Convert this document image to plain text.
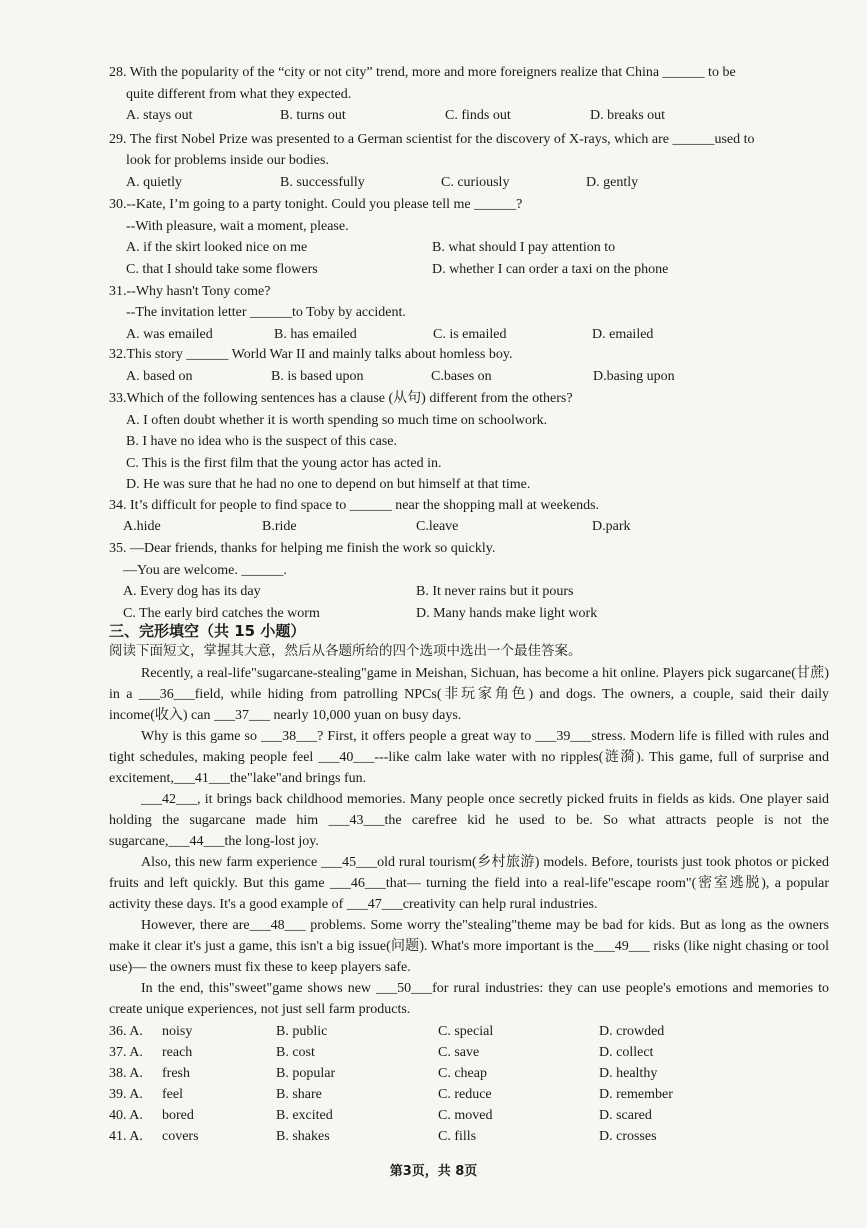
28. With the popularity of the “city or not city” trend, more and more foreigners realize that China ______ to be
quite different from what they expected.
A. stays out	B. turns out	C. finds out	D. breaks out
29. The first Nobel Prize was presented to a German scientist for the discovery of X-rays, which are ______used to
look for problems inside our bodies.
A. quietly	B. successfully	C. curiously	D. gently
30.--Kate, I’m going to a party tonight. Could you please tell me ______?
--With pleasure, wait a moment, please.
A. if the skirt looked nice on me	B. what should I pay attention to
C. that I should take some flowers	D. whether I can order a taxi on the phone
31.--Why hasn't Tony come?
--The invitation letter ______to Toby by accident.
A. was emailed	B. has emailed	C. is emailed	D. emailed
32.This story ______ World War II and mainly talks about homless boy.
A. based on	B. is based upon	C.bases on	D.basing upon
33.Which of the following sentences has a clause (从句) different from the others?
A. I often doubt whether it is worth spending so much time on schoolwork.
B. I have no idea who is the suspect of this case.
C. This is the first film that the young actor has acted in.
D. He was sure that he had no one to depend on but himself at that time.
34. It’s difficult for people to find space to ______ near the shopping mall at weekends.
A.hide	B.ride	C.leave	D.park
35. —Dear friends, thanks for helping me finish the work so quickly.
—You are welcome. ______.
A. Every dog has its day	B. It never rains but it pours
C. The early bird catches the worm	D. Many hands make light work
三、完形填空（共 15 小题）
阅读下面短文，掌握其大意，然后从各题所给的四个选项中选出一个最佳答案。
Recently, a real-life"sugarcane-stealing"game in Meishan, Sichuan, has become a hit online. Players pick sugarcane(甘蔗) in a ___36___field, while hiding from patrolling NPCs(非玩家角色) and dogs. The owners, a couple, said their daily income(收入) can ___37___ nearly 10,000 yuan on busy days.
Why is this game so ___38___? First, it offers people a great way to ___39___stress. Modern life is filled with rules and tight schedules, making people feel ___40___---like calm lake water with no ripples(涟漪). This game, full of surprise and excitement,___41___the"lake"and brings fun.
___42___, it brings back childhood memories. Many people once secretly picked fruits in fields as kids. One player said holding the sugarcane made him ___43___the carefree kid he used to be. So what attracts people is not the sugarcane,___44___the long-lost joy.
Also, this new farm experience ___45___old rural tourism(乡村旅游) models. Before, tourists just took photos or picked fruits and left quickly. But this game ___46___that— turning the field into a real-life"escape room"(密室逃脱), a popular activity these days. It's a good example of ___47___creativity can help rural industries.
However, there are___48___ problems. Some worry the"stealing"theme may be bad for kids. But as long as the owners make it clear it's just a game, this isn't a big issue(问题). What's more important is the___49___ risks (like night chasing or tool use)— the owners must fix these to keep players safe.
In the end, this"sweet"game shows new ___50___for rural industries: they can use people's emotions and memories to create unique experiences, not just sell farm products.
36. A. noisy	B. public	C. special	D. crowded
37. A. reach	B. cost	C. save	D. collect
38. A. fresh	B. popular	C. cheap	D. healthy
39. A. feel	B. share	C. reduce	D. remember
40. A. bored	B. excited	C. moved	D. scared
41. A. covers	B. shakes	C. fills	D. crosses
第3页，共 8页
